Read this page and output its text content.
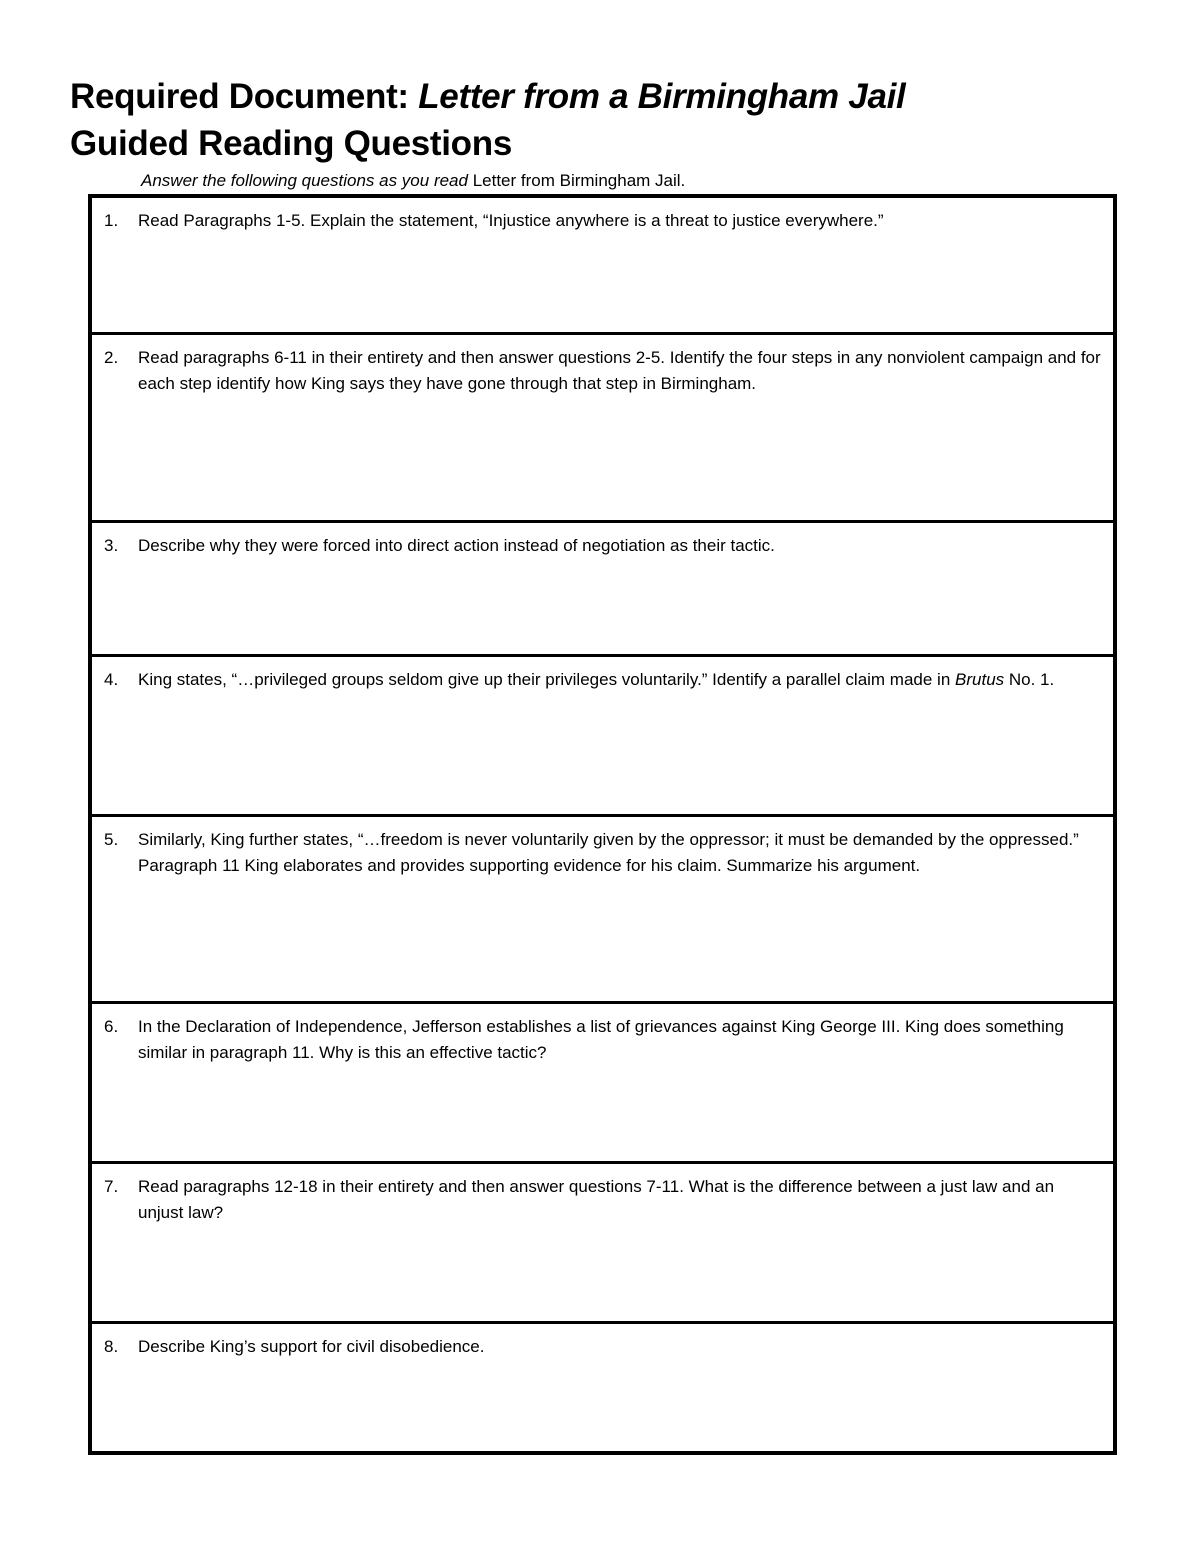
Required Document: Letter from a Birmingham Jail
Guided Reading Questions
Answer the following questions as you read Letter from Birmingham Jail.
1. Read Paragraphs 1-5. Explain the statement, “Injustice anywhere is a threat to justice everywhere.”
2. Read paragraphs 6-11 in their entirety and then answer questions 2-5. Identify the four steps in any nonviolent campaign and for each step identify how King says they have gone through that step in Birmingham.
3. Describe why they were forced into direct action instead of negotiation as their tactic.
4. King states, “…privileged groups seldom give up their privileges voluntarily.” Identify a parallel claim made in Brutus No. 1.
5. Similarly, King further states, “…freedom is never voluntarily given by the oppressor; it must be demanded by the oppressed.” Paragraph 11 King elaborates and provides supporting evidence for his claim. Summarize his argument.
6. In the Declaration of Independence, Jefferson establishes a list of grievances against King George III. King does something similar in paragraph 11. Why is this an effective tactic?
7. Read paragraphs 12-18 in their entirety and then answer questions 7-11. What is the difference between a just law and an unjust law?
8. Describe King’s support for civil disobedience.
